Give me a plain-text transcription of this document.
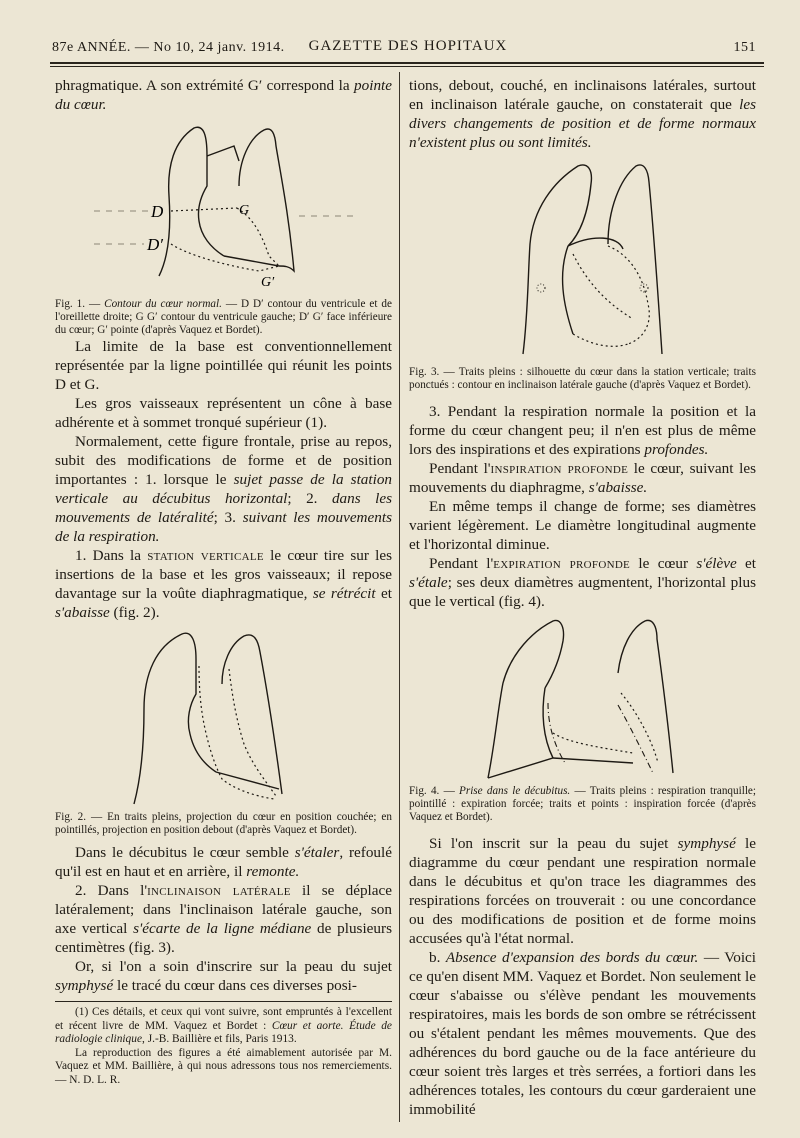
87e ANNÉE. — No 10, 24 janv. 1914.	GAZETTE DES HOPITAUX	151

phragmatique. A son extrémité G′ correspond la pointe du cœur.

D	G
D′
G′

Fig. 1. — Contour du cœur normal. — D D′ contour du ventricule et de l'oreillette droite; G G′ contour du ventricule gauche; D′ G′ face inférieure du cœur; G′ pointe (d'après Vaquez et Bordet).

La limite de la base est conventionnellement représentée par la ligne pointillée qui réunit les points D et G.

Les gros vaisseaux représentent un cône à base adhérente et à sommet tronqué supérieur (1).

Normalement, cette figure frontale, prise au repos, subit des modifications de forme et de position importantes : 1. lorsque le sujet passe de la station verticale au décubitus horizontal; 2. dans les mouvements de latéralité; 3. suivant les mouvements de la respiration.

1. Dans la station verticale le cœur tire sur les insertions de la base et les gros vaisseaux; il repose davantage sur la voûte diaphragmatique, se rétrécit et s'abaisse (fig. 2).

Fig. 2. — En traits pleins, projection du cœur en position couchée; en pointillés, projection en position debout (d'après Vaquez et Bordet).

Dans le décubitus le cœur semble s'étaler, refoulé qu'il est en haut et en arrière, il remonte.

2. Dans l'inclinaison latérale il se déplace latéralement; dans l'inclinaison latérale gauche, son axe vertical s'écarte de la ligne médiane de plusieurs centimètres (fig. 3).

Or, si l'on a soin d'inscrire sur la peau du sujet symphysé le tracé du cœur dans ces diverses posi-

(1) Ces détails, et ceux qui vont suivre, sont empruntés à l'excellent et récent livre de MM. Vaquez et Bordet : Cœur et aorte. Étude de radiologie clinique, J.-B. Baillière et fils, Paris 1913.

La reproduction des figures a été aimablement autorisée par M. Vaquez et MM. Baillière, à qui nous adressons tous nos remerciements. — N. D. L. R.

tions, debout, couché, en inclinaisons latérales, surtout en inclinaison latérale gauche, on constaterait que les divers changements de position et de forme normaux n'existent plus ou sont limités.

Fig. 3. — Traits pleins : silhouette du cœur dans la station verticale; traits ponctués : contour en inclinaison latérale gauche (d'après Vaquez et Bordet).

3. Pendant la respiration normale la position et la forme du cœur changent peu; il n'en est plus de même lors des inspirations et des expirations profondes.

Pendant l'inspiration profonde le cœur, suivant les mouvements du diaphragme, s'abaisse.

En même temps il change de forme; ses diamètres varient légèrement. Le diamètre longitudinal augmente et l'horizontal diminue.

Pendant l'expiration profonde le cœur s'élève et s'étale; ses deux diamètres augmentent, l'horizontal plus que le vertical (fig. 4).

Fig. 4. — Prise dans le décubitus. — Traits pleins : respiration tranquille; pointillé : expiration forcée; traits et points : inspiration forcée (d'après Vaquez et Bordet).

Si l'on inscrit sur la peau du sujet symphysé le diagramme du cœur pendant une respiration normale dans le décubitus et qu'on trace les diagrammes des respirations forcées on trouverait : ou une concordance ou des modifications de position et de forme moins accusées qu'à l'état normal.

b. Absence d'expansion des bords du cœur. — Voici ce qu'en disent MM. Vaquez et Bordet. Non seulement le cœur s'abaisse ou s'élève pendant les mouvements respiratoires, mais les bords de son ombre se rétrécissent ou s'étalent pendant les mêmes mouvements. Que des adhérences du bord gauche ou de la face antérieure du cœur soient très larges et très serrées, a fortiori dans les adhérences totales, les contours du cœur garderaient une immobilité
